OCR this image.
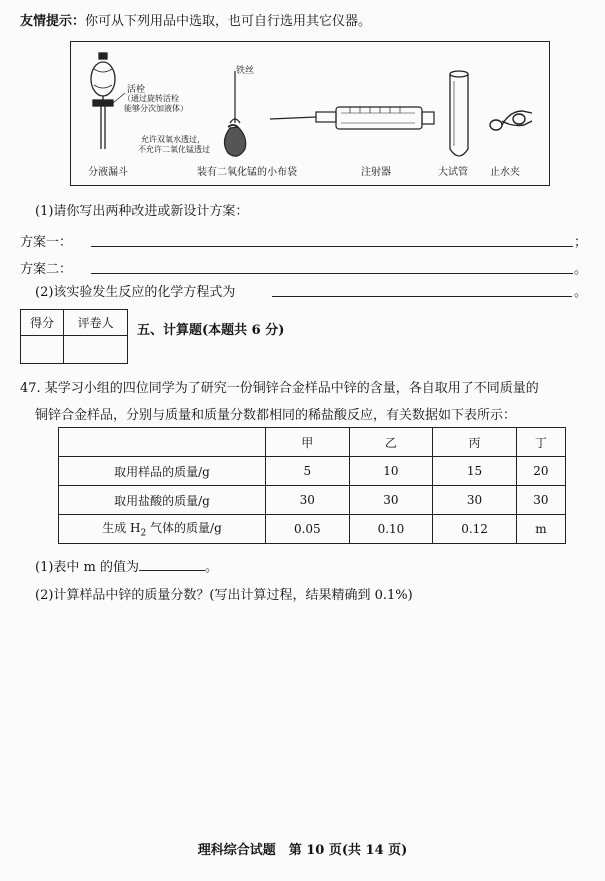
友情提示：你可从下列用品中选取，也可自行选用其它仪器。
活栓
（通过旋转活栓
能够分次加液体）
铁丝
允许双氧水透过，
不允许二氧化锰透过
分液漏斗	装有二氧化锰的小布袋	注射器	大试管 止水夹
(1)请你写出两种改进或新设计方案：
方案一：	；
方案二：	。
(2)该实验发生反应的化学方程式为	。
得分	评卷人
	五、计算题(本题共 6 分)
47. 某学习小组的四位同学为了研究一份铜锌合金样品中锌的含量，各自取用了不同质量的
铜锌合金样品，分别与质量和质量分数都相同的稀盐酸反应，有关数据如下表所示：
	甲	乙	丙	丁
取用样品的质量/g	5	10	15	20
取用盐酸的质量/g	30	30	30	30
生成 $H_2$ 气体的质量/g	0.05	0.10	0.12	m
(1)表中 m 的值为	。
(2)计算样品中锌的质量分数？(写出计算过程，结果精确到 0.1%)
理科综合试题　第 10 页(共 14 页)
